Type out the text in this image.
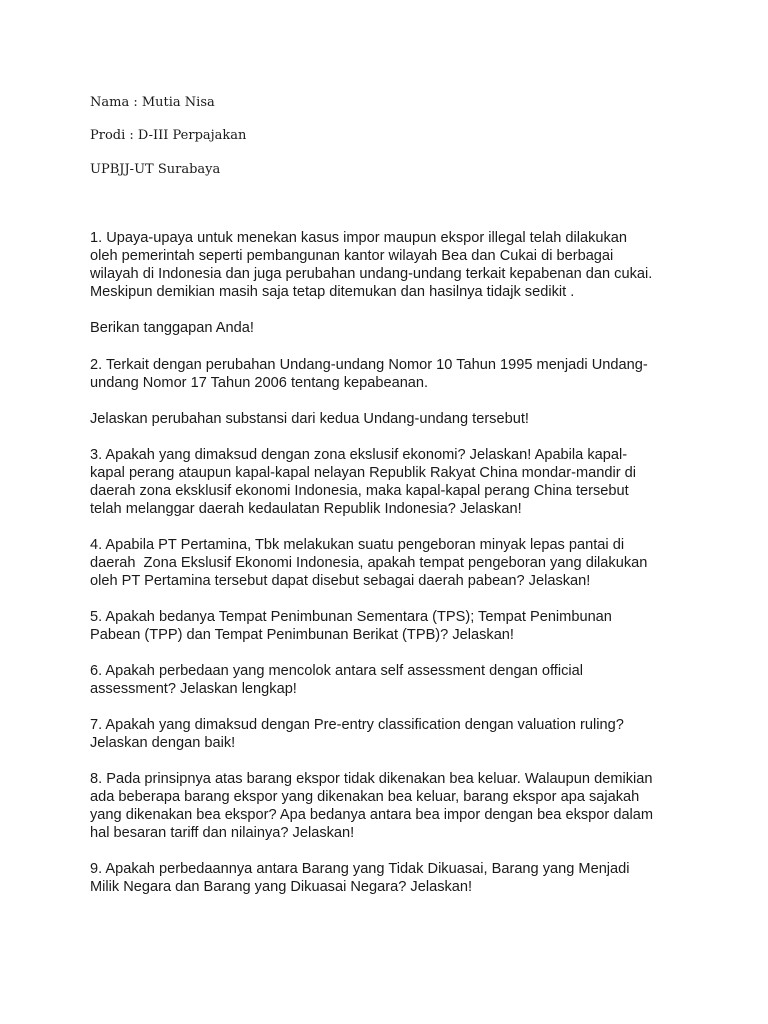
Nama : Mutia Nisa

Prodi : D-III Perpajakan

UPBJJ-UT Surabaya

1. Upaya-upaya untuk menekan kasus impor maupun ekspor illegal telah dilakukan
oleh pemerintah seperti pembangunan kantor wilayah Bea dan Cukai di berbagai
wilayah di Indonesia dan juga perubahan undang-undang terkait kepabenan dan cukai.
Meskipun demikian masih saja tetap ditemukan dan hasilnya tidajk sedikit .
Berikan tanggapan Anda!
2. Terkait dengan perubahan Undang-undang Nomor 10 Tahun 1995 menjadi Undang-
undang Nomor 17 Tahun 2006 tentang kepabeanan.
Jelaskan perubahan substansi dari kedua Undang-undang tersebut!
3. Apakah yang dimaksud dengan zona ekslusif ekonomi? Jelaskan! Apabila kapal-
kapal perang ataupun kapal-kapal nelayan Republik Rakyat China mondar-mandir di
daerah zona eksklusif ekonomi Indonesia, maka kapal-kapal perang China tersebut
telah melanggar daerah kedaulatan Republik Indonesia? Jelaskan!
4. Apabila PT Pertamina, Tbk melakukan suatu pengeboran minyak lepas pantai di
daerah  Zona Ekslusif Ekonomi Indonesia, apakah tempat pengeboran yang dilakukan
oleh PT Pertamina tersebut dapat disebut sebagai daerah pabean? Jelaskan!
5. Apakah bedanya Tempat Penimbunan Sementara (TPS); Tempat Penimbunan
Pabean (TPP) dan Tempat Penimbunan Berikat (TPB)? Jelaskan!
6. Apakah perbedaan yang mencolok antara self assessment dengan official
assessment? Jelaskan lengkap!
7. Apakah yang dimaksud dengan Pre-entry classification dengan valuation ruling?
Jelaskan dengan baik!
8. Pada prinsipnya atas barang ekspor tidak dikenakan bea keluar. Walaupun demikian
ada beberapa barang ekspor yang dikenakan bea keluar, barang ekspor apa sajakah
yang dikenakan bea ekspor? Apa bedanya antara bea impor dengan bea ekspor dalam
hal besaran tariff dan nilainya? Jelaskan!
9. Apakah perbedaannya antara Barang yang Tidak Dikuasai, Barang yang Menjadi
Milik Negara dan Barang yang Dikuasai Negara? Jelaskan!
